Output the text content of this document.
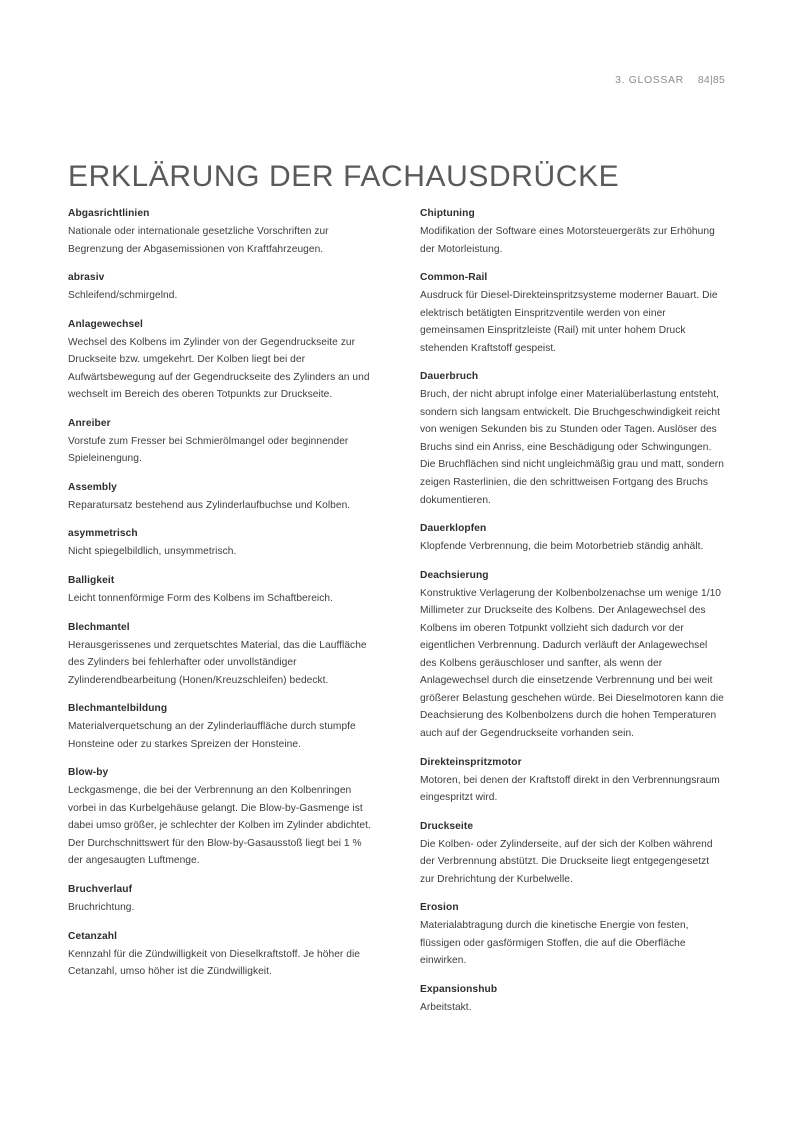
3. GLOSSAR 84|85
ERKLÄRUNG DER FACHAUSDRÜCKE
Abgasrichtlinien
Nationale oder internationale gesetzliche Vorschriften zur Begrenzung der Abgasemissionen von Kraftfahrzeugen.
abrasiv
Schleifend/schmirgelnd.
Anlagewechsel
Wechsel des Kolbens im Zylinder von der Gegendruckseite zur Druckseite bzw. umgekehrt. Der Kolben liegt bei der Aufwärtsbewegung auf der Gegendruckseite des Zylinders an und wechselt im Bereich des oberen Totpunkts zur Druckseite.
Anreiber
Vorstufe zum Fresser bei Schmierölmangel oder beginnender Spieleinengung.
Assembly
Reparatursatz bestehend aus Zylinderlaufbuchse und Kolben.
asymmetrisch
Nicht spiegelbildlich, unsymmetrisch.
Balligkeit
Leicht tonnenförmige Form des Kolbens im Schaftbereich.
Blechmantel
Herausgerissenes und zerquetschtes Material, das die Lauffläche des Zylinders bei fehlerhafter oder unvollständiger Zylinderendbearbeitung (Honen/Kreuzschleifen) bedeckt.
Blechmantelbildung
Materialverquetschung an der Zylinderlauffläche durch stumpfe Honsteine oder zu starkes Spreizen der Honsteine.
Blow-by
Leckgasmenge, die bei der Verbrennung an den Kolbenringen vorbei in das Kurbelgehäuse gelangt. Die Blow-by-Gasmenge ist dabei umso größer, je schlechter der Kolben im Zylinder abdichtet. Der Durchschnittswert für den Blow-by-Gasausstoß liegt bei 1 % der angesaugten Luftmenge.
Bruchverlauf
Bruchrichtung.
Cetanzahl
Kennzahl für die Zündwilligkeit von Dieselkraftstoff. Je höher die Cetanzahl, umso höher ist die Zündwilligkeit.
Chiptuning
Modifikation der Software eines Motorsteuergeräts zur Erhöhung der Motorleistung.
Common-Rail
Ausdruck für Diesel-Direkteinspritzsysteme moderner Bauart. Die elektrisch betätigten Einspritzventile werden von einer gemeinsamen Einspritzleiste (Rail) mit unter hohem Druck stehenden Kraftstoff gespeist.
Dauerbruch
Bruch, der nicht abrupt infolge einer Materialüberlastung entsteht, sondern sich langsam entwickelt. Die Bruchgeschwindigkeit reicht von wenigen Sekunden bis zu Stunden oder Tagen. Auslöser des Bruchs sind ein Anriss, eine Beschädigung oder Schwingungen. Die Bruchflächen sind nicht ungleichmäßig grau und matt, sondern zeigen Rasterlinien, die den schrittweisen Fortgang des Bruchs dokumentieren.
Dauerklopfen
Klopfende Verbrennung, die beim Motorbetrieb ständig anhält.
Deachsierung
Konstruktive Verlagerung der Kolbenbolzenachse um wenige 1/10 Millimeter zur Druckseite des Kolbens. Der Anlagewechsel des Kolbens im oberen Totpunkt vollzieht sich dadurch vor der eigentlichen Verbrennung. Dadurch verläuft der Anlagewechsel des Kolbens geräuschloser und sanfter, als wenn der Anlagewechsel durch die einsetzende Verbrennung und bei weit größerer Belastung geschehen würde. Bei Dieselmotoren kann die Deachsierung des Kolbenbolzens durch die hohen Temperaturen auch auf der Gegendruckseite vorhanden sein.
Direkteinspritzmotor
Motoren, bei denen der Kraftstoff direkt in den Verbrennungsraum eingespritzt wird.
Druckseite
Die Kolben- oder Zylinderseite, auf der sich der Kolben während der Verbrennung abstützt. Die Druckseite liegt entgegengesetzt zur Drehrichtung der Kurbelwelle.
Erosion
Materialabtragung durch die kinetische Energie von festen, flüssigen oder gasförmigen Stoffen, die auf die Oberfläche einwirken.
Expansionshub
Arbeitstakt.
